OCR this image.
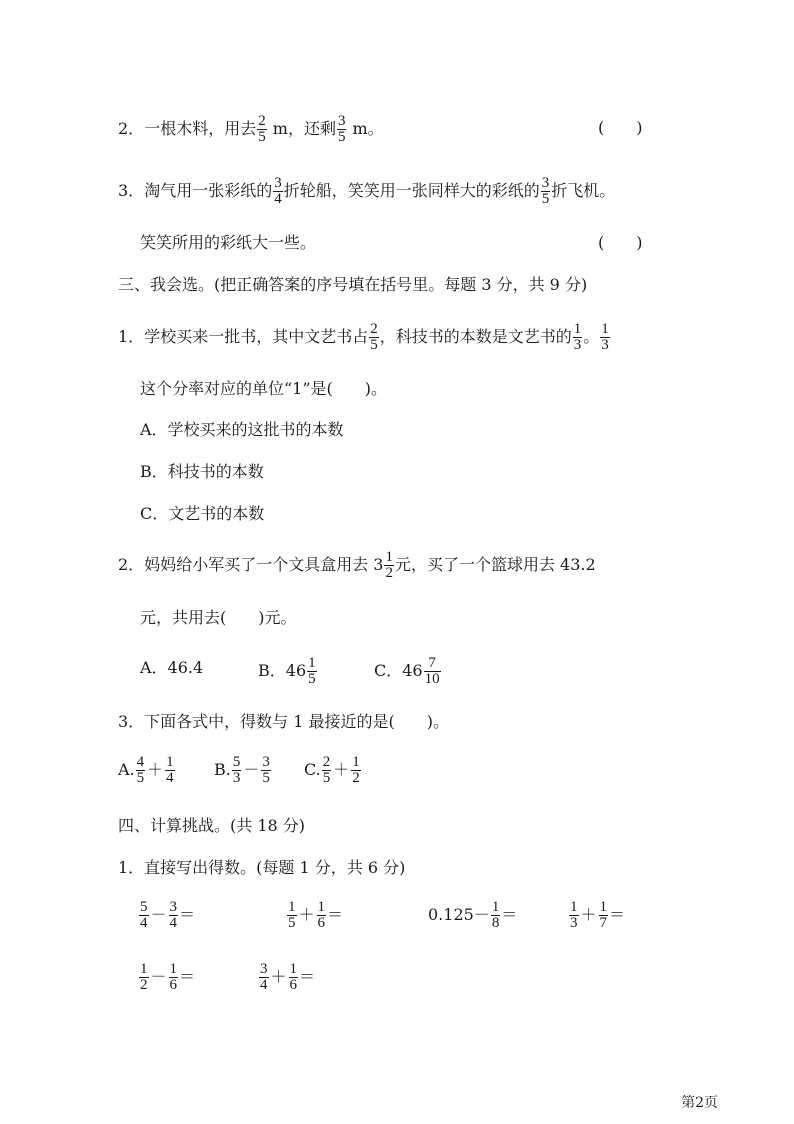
2．一根木料，用去 $\frac{2}{5}$ m，还剩 $\frac{3}{5}$ m。	(　　)
3．淘气用一张彩纸的 $\frac{3}{4}$ 折轮船，笑笑用一张同样大的彩纸的 $\frac{3}{5}$ 折飞机。
笑笑所用的彩纸大一些。	(　　)
三、我会选。(把正确答案的序号填在括号里。每题 3 分，共 9 分)
1．学校买来一批书，其中文艺书占 $\frac{2}{5}$ ，科技书的本数是文艺书的 $\frac{1}{3}$ 。 $\frac{1}{3}$
这个分率对应的单位“1”是(　　)。
A．学校买来的这批书的本数
B．科技书的本数
C．文艺书的本数
2．妈妈给小军买了一个文具盒用去 $3 \frac{1}{2}$ 元，买了一个篮球用去 43.2
元，共用去(　　)元。
A．46.4	B．$46 \frac{1}{5}$	C．$46 \frac{7}{10}$
3．下面各式中，得数与 1 最接近的是(　　)。
A. $\frac{4}{5} + \frac{1}{4} B$. $\frac{5}{3} - \frac{3}{5} C$. $\frac{2}{5} + \frac{1}{2}$
四、计算挑战。(共 18 分)
1．直接写出得数。(每题 1 分，共 6 分)
$\frac{5}{4} - \frac{3}{4}$ ＝	$\frac{1}{5} + \frac{1}{6}$ ＝	$0.125- \frac{1}{8}$ ＝	$\frac{1}{3} + \frac{1}{7}$ ＝
$\frac{1}{2} - \frac{1}{6}$ ＝	$\frac{3}{4} + \frac{1}{6}$ ＝
第2页
